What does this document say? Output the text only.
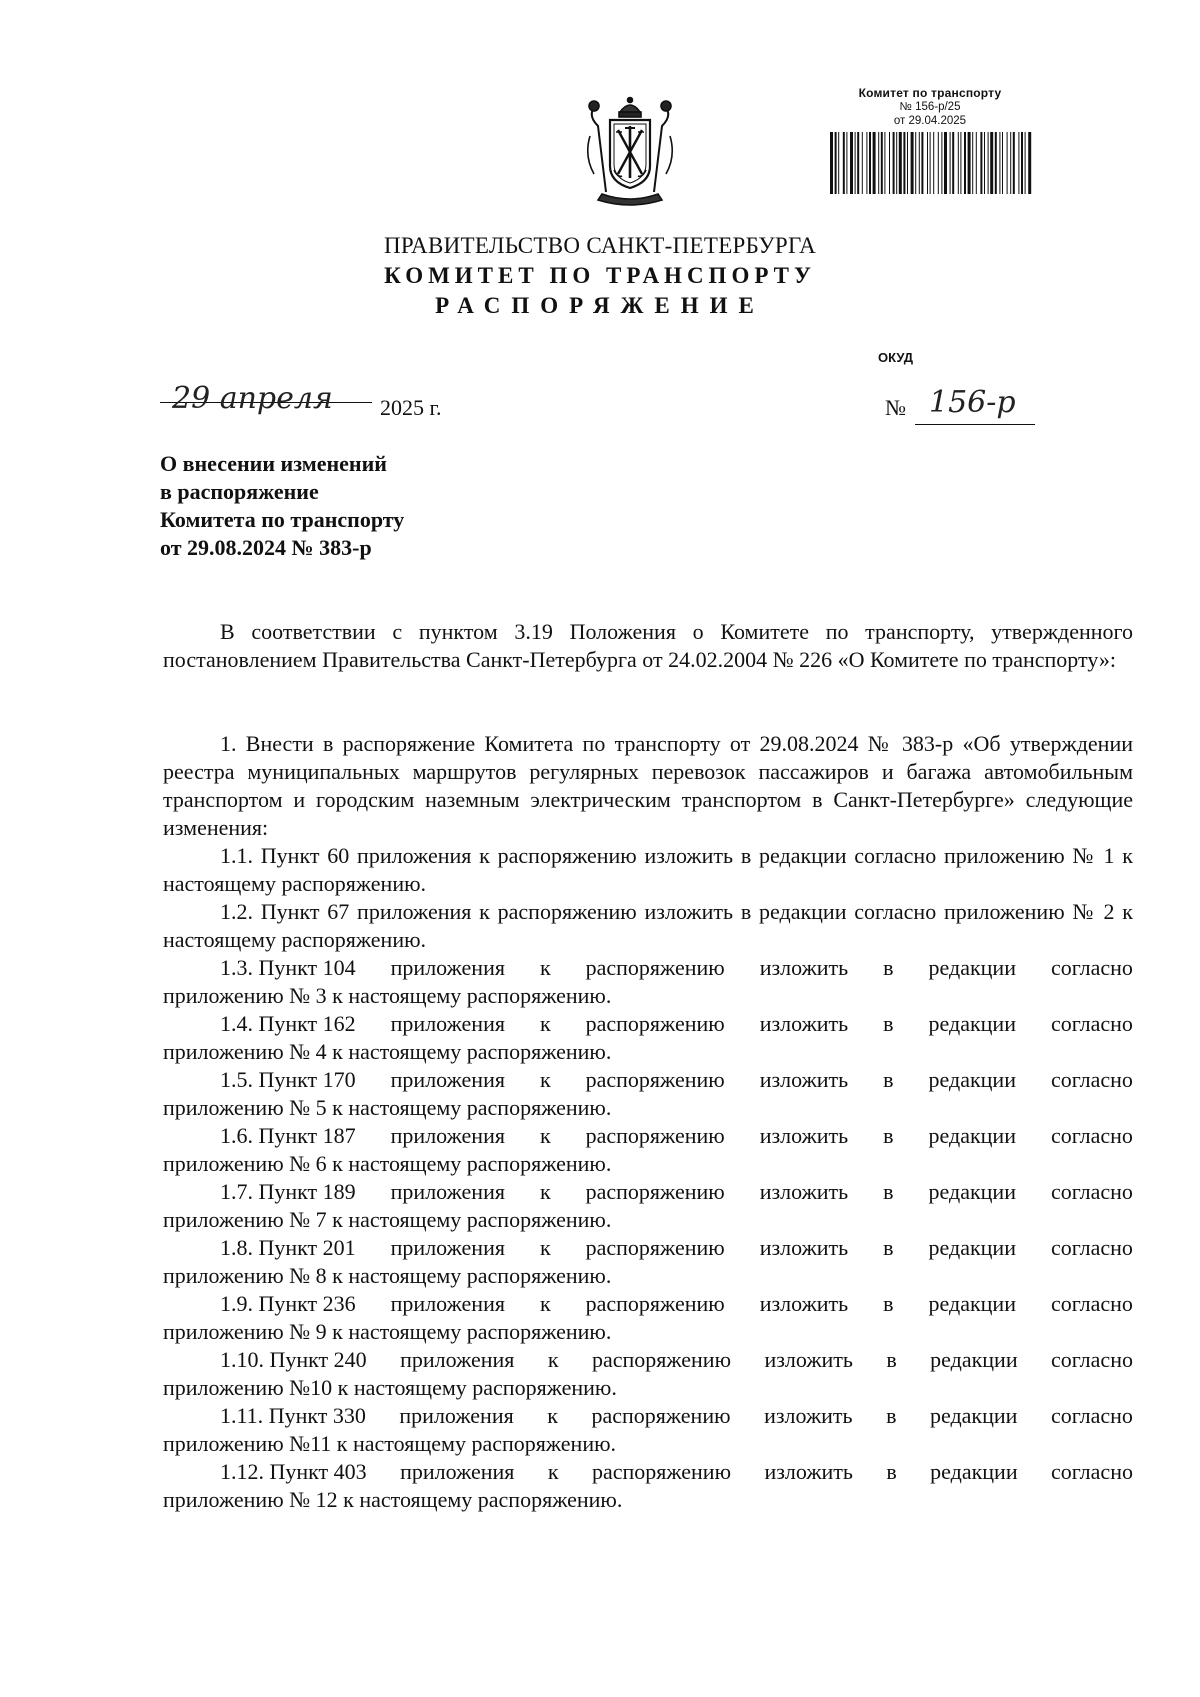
Комитет по транспорту
№ 156-р/25
от 29.04.2025
ПРАВИТЕЛЬСТВО САНКТ-ПЕТЕРБУРГА
КОМИТЕТ ПО ТРАНСПОРТУ
РАСПОРЯЖЕНИЕ
ОКУД
29 апреля 2025 г.	№ 156-р
О внесении изменений
в распоряжение
Комитета по транспорту
от 29.08.2024 № 383-р
В соответствии с пунктом 3.19 Положения о Комитете по транспорту, утвержденного постановлением Правительства Санкт-Петербурга от 24.02.2004 № 226 «О Комитете по транспорту»:
1. Внести в распоряжение Комитета по транспорту от 29.08.2024 № 383-р «Об утверждении реестра муниципальных маршрутов регулярных перевозок пассажиров и багажа автомобильным транспортом и городским наземным электрическим транспортом в Санкт-Петербурге» следующие изменения:
1.1. Пункт 60 приложения к распоряжению изложить в редакции согласно приложению № 1 к настоящему распоряжению.
1.2. Пункт 67 приложения к распоряжению изложить в редакции согласно приложению № 2 к настоящему распоряжению.
1.3. Пункт 104 приложения к распоряжению изложить в редакции согласно
приложению № 3 к настоящему распоряжению.
1.4. Пункт 162 приложения к распоряжению изложить в редакции согласно
приложению № 4 к настоящему распоряжению.
1.5. Пункт 170 приложения к распоряжению изложить в редакции согласно
приложению № 5 к настоящему распоряжению.
1.6. Пункт 187 приложения к распоряжению изложить в редакции согласно
приложению № 6 к настоящему распоряжению.
1.7. Пункт 189 приложения к распоряжению изложить в редакции согласно
приложению № 7 к настоящему распоряжению.
1.8. Пункт 201 приложения к распоряжению изложить в редакции согласно
приложению № 8 к настоящему распоряжению.
1.9. Пункт 236 приложения к распоряжению изложить в редакции согласно
приложению № 9 к настоящему распоряжению.
1.10. Пункт 240 приложения к распоряжению изложить в редакции согласно
приложению №10 к настоящему распоряжению.
1.11. Пункт 330 приложения к распоряжению изложить в редакции согласно
приложению №11 к настоящему распоряжению.
1.12. Пункт 403 приложения к распоряжению изложить в редакции согласно
приложению № 12 к настоящему распоряжению.
